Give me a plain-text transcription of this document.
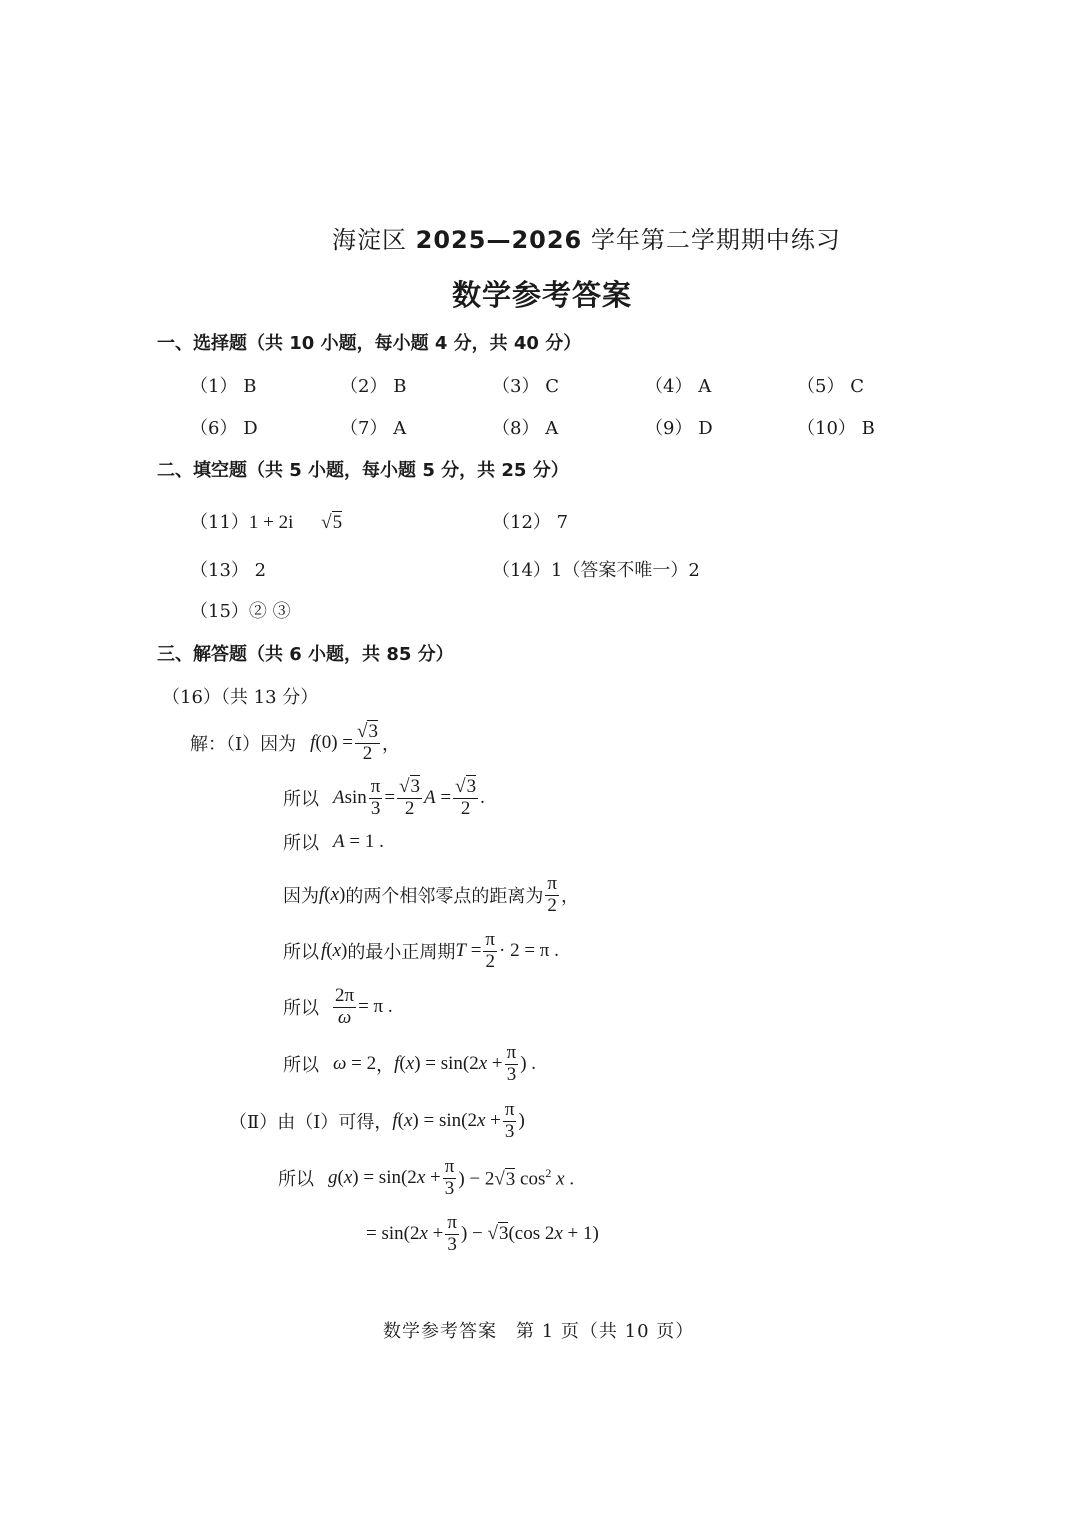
海淀区 2025—2026 学年第二学期期中练习
数学参考答案
一、选择题（共 10 小题，每小题 4 分，共 40 分）
（1） B	（2） B	（3） C	（4） A	（5） C
（6） D	（7） A	（8） A	（9） D	（10） B
二、填空题（共 5 小题，每小题 5 分，共 25 分）
（11）1 + 2i √5	（12） 7
（13） 2	（14）1（答案不唯一）2
（15）② ③
三、解答题（共 6 小题，共 85 分）
（16）（共 13 分）
解：（Ⅰ）因为 $f(0) = \frac{√3}{2}$ ，
所以 Asin $\frac{\pi}{3} = \frac{√3}{2}$ $A = \frac{√3}{2}$ .
所以 A = 1 .
因为 f(x) 的两个相邻零点的距离为 $\frac{\pi}{2}$ ，
所以 f(x) 的最小正周期 $T = \frac{\pi}{2} \cdot 2 = \pi$ .
所以 $\frac{2\pi}{\omega} = \pi$ .
所以 ω = 2 ， $f(x) = \sin(2x + \frac{\pi}{3}$ ) .
（Ⅱ）由（Ⅰ）可得， $f(x) = \sin(2x + \frac{\pi}{3}$ )
所以 $g(x) = \sin(2x + \frac{\pi}{3}$ ) − 2√3 $\cos^2 x$ .
= $\sin(2x + \frac{\pi}{3}$ ) − √3(cos 2x + 1)
数学参考答案　第 1 页（共 10 页）
